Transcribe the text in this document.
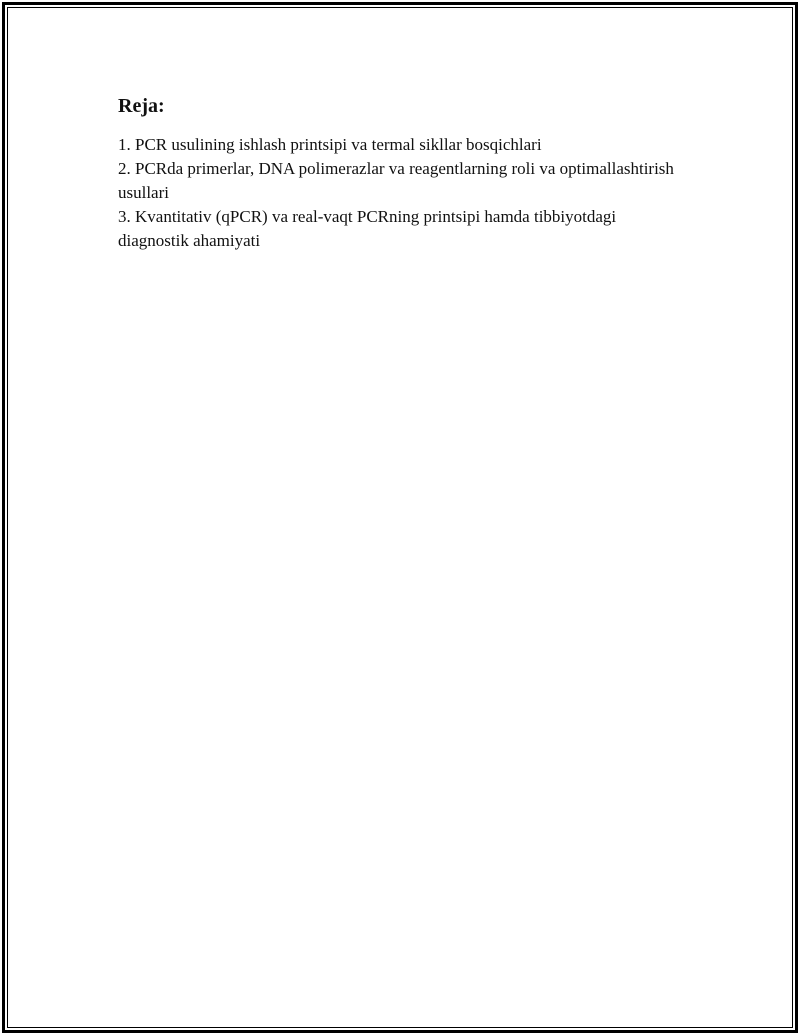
Reja:
1. PCR usulining ishlash printsipi va termal sikllar bosqichlari
2. PCRda primerlar, DNA polimerazlar va reagentlarning roli va optimallashtirish usullari
3. Kvantitativ (qPCR) va real-vaqt PCRning printsipi hamda tibbiyotdagi diagnostik ahamiyati
